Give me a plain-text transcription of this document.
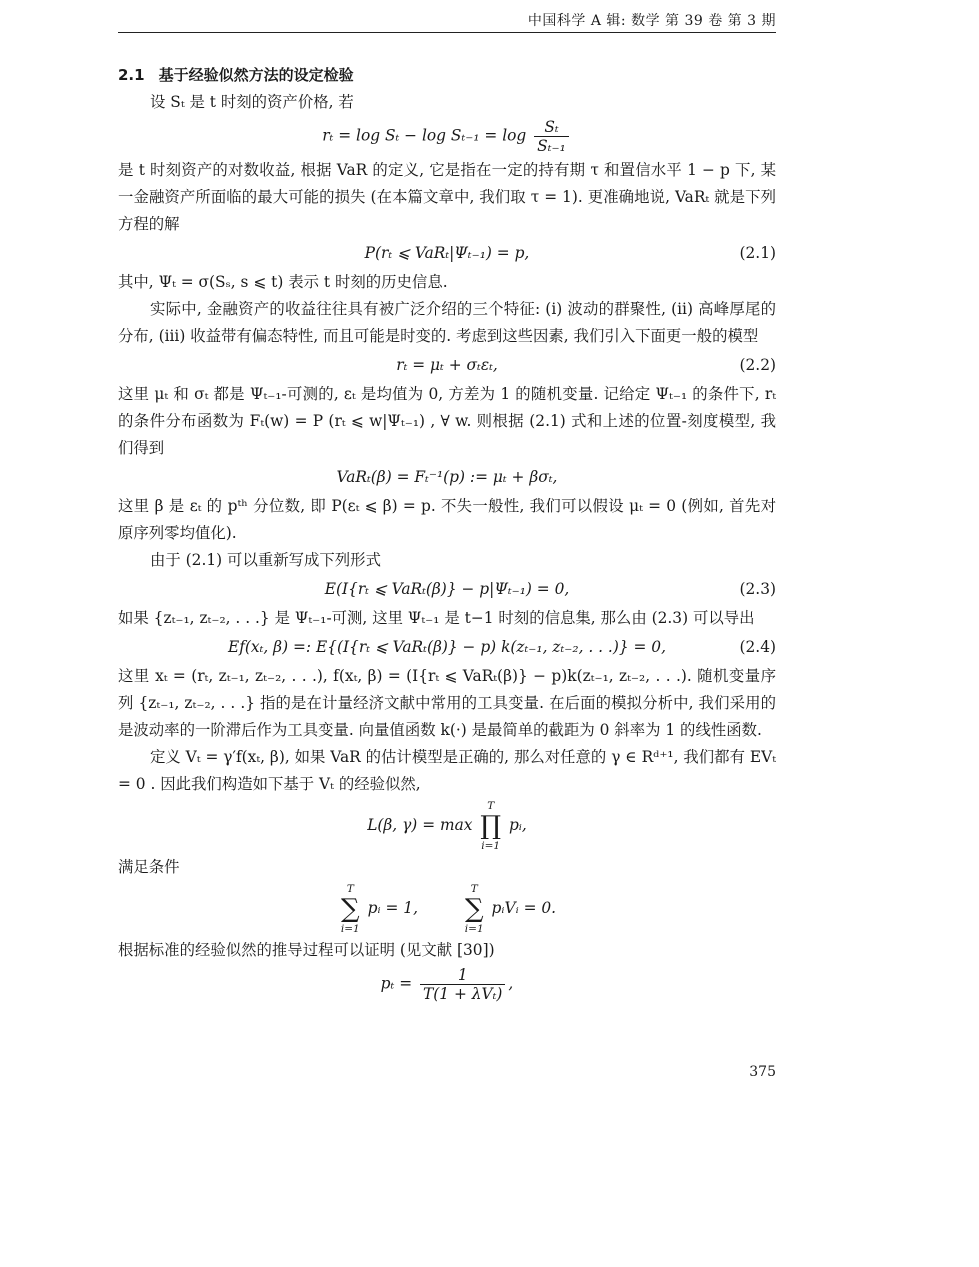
中国科学 A 辑: 数学 第 39 卷 第 3 期
2.1 基于经验似然方法的设定检验

设 Sₜ 是 t 时刻的资产价格, 若

$r_t = \log S_t - \log S_{t-1} = \log \frac{\text{Sₜ}}{\text{Sₜ₋₁}}$

是 t 时刻资产的对数收益, 根据 VaR 的定义, 它是指在一定的持有期 τ 和置信水平 1 − p 下, 某一金融资产所面临的最大可能的损失 (在本篇文章中, 我们取 τ = 1). 更准确地说, VaRₜ 就是下列方程的解

P(rₜ ⩽ VaRₜ|Ψₜ₋₁) = p,	(2.1)

其中, Ψₜ = σ(Sₛ, s ⩽ t) 表示 t 时刻的历史信息.

实际中, 金融资产的收益往往具有被广泛介绍的三个特征: (i) 波动的群聚性, (ii) 高峰厚尾的分布, (iii) 收益带有偏态特性, 而且可能是时变的. 考虑到这些因素, 我们引入下面更一般的模型

rₜ = μₜ + σₜεₜ,	(2.2)

这里 μₜ 和 σₜ 都是 Ψₜ₋₁-可测的, εₜ 是均值为 0, 方差为 1 的随机变量. 记给定 Ψₜ₋₁ 的条件下, rₜ 的条件分布函数为 Fₜ(w) = P (rₜ ⩽ w|Ψₜ₋₁) , ∀ w. 则根据 (2.1) 式和上述的位置-刻度模型, 我们得到

VaRₜ(β) = Fₜ⁻¹(p) := μₜ + βσₜ,

这里 β 是 εₜ 的 pᵗʰ 分位数, 即 P(εₜ ⩽ β) = p. 不失一般性, 我们可以假设 μₜ = 0 (例如, 首先对原序列零均值化).

由于 (2.1) 可以重新写成下列形式

E(I{rₜ ⩽ VaRₜ(β)} − p|Ψₜ₋₁) = 0,	(2.3)

如果 {zₜ₋₁, zₜ₋₂, . . .} 是 Ψₜ₋₁-可测, 这里 Ψₜ₋₁ 是 t−1 时刻的信息集, 那么由 (2.3) 可以导出

Ef(xₜ, β) =: E{(I{rₜ ⩽ VaRₜ(β)} − p) k(zₜ₋₁, zₜ₋₂, . . .)} = 0,	(2.4)

这里 xₜ = (rₜ, zₜ₋₁, zₜ₋₂, . . .), f(xₜ, β) = (I{rₜ ⩽ VaRₜ(β)} − p)k(zₜ₋₁, zₜ₋₂, . . .). 随机变量序列 {zₜ₋₁, zₜ₋₂, . . .} 指的是在计量经济文献中常用的工具变量. 在后面的模拟分析中, 我们采用的是波动率的一阶滞后作为工具变量. 向量值函数 k(·) 是最简单的截距为 0 斜率为 1 的线性函数.

定义 Vₜ = γ′f(xₜ, β), 如果 VaR 的估计模型是正确的, 那么对任意的 γ ∈ Rᵈ⁺¹, 我们都有 EVₜ = 0 . 因此我们构造如下基于 Vₜ 的经验似然,

L(β, γ) = max
T
∏
i=1
pᵢ,

满足条件

T
∑
i=1
pᵢ = 1,
T
∑
i=1
pᵢVᵢ = 0.

根据标准的经验似然的推导过程可以证明 (见文献 [30])

$p_t = \frac{1}{\text{T(1 + λVₜ)}}$ ,
375
